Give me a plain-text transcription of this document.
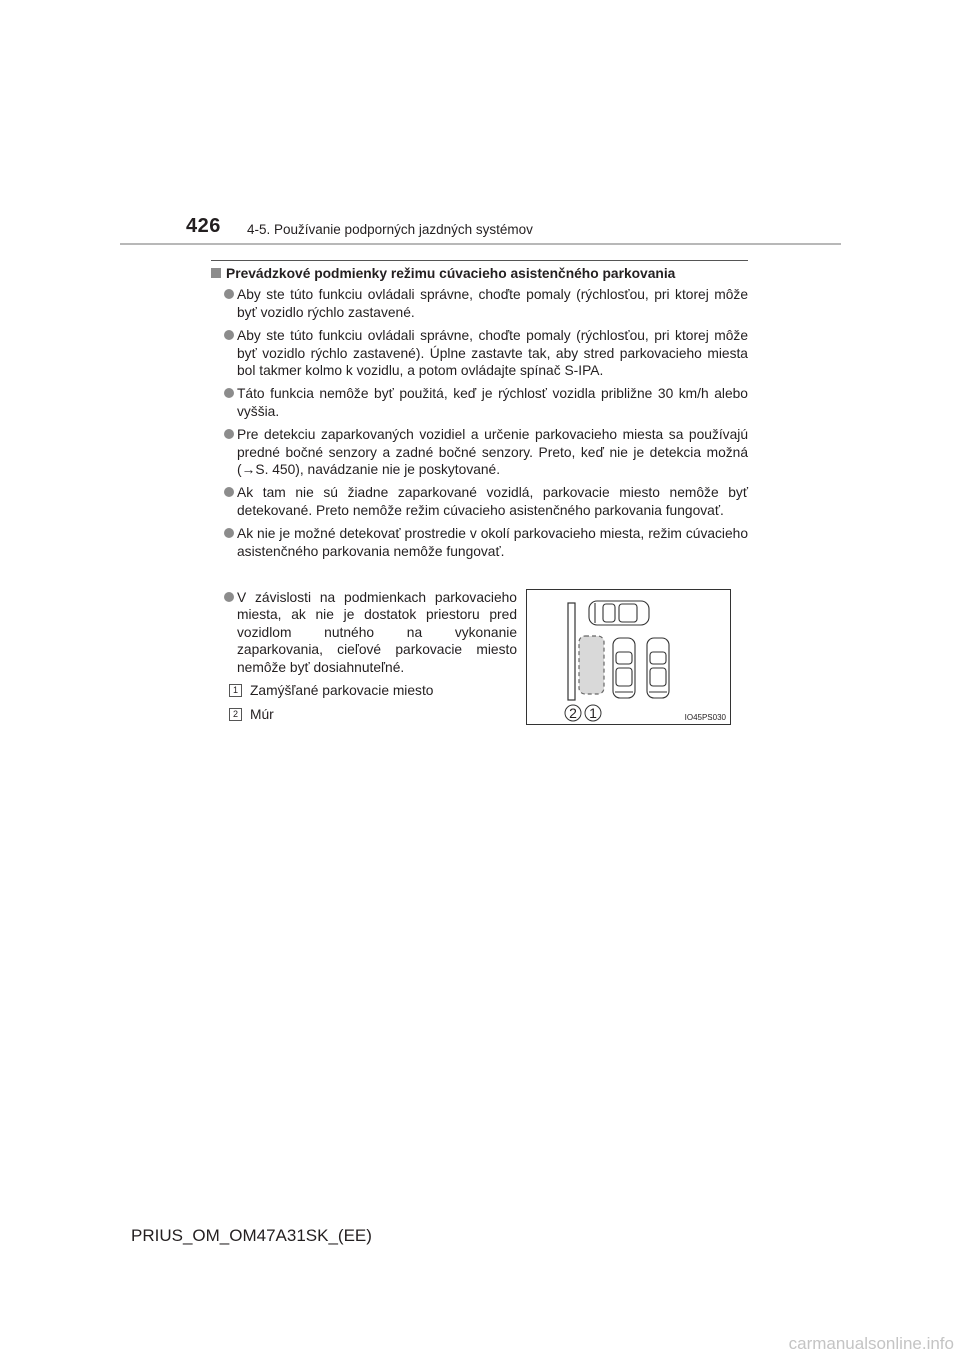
426 4-5. Používanie podporných jazdných systémov
Prevádzkové podmienky režimu cúvacieho asistenčného parkovania

Aby ste túto funkciu ovládali správne, choďte pomaly (rýchlosťou, pri ktorej môže byť vozidlo rýchlo zastavené.

Aby ste túto funkciu ovládali správne, choďte pomaly (rýchlosťou, pri ktorej môže byť vozidlo rýchlo zastavené). Úplne zastavte tak, aby stred parkovacieho miesta bol takmer kolmo k vozidlu, a potom ovládajte spínač S-IPA.

Táto funkcia nemôže byť použitá, keď je rýchlosť vozidla približne 30 km/h alebo vyššia.

Pre detekciu zaparkovaných vozidiel a určenie parkovacieho miesta sa používajú predné bočné senzory a zadné bočné senzory. Preto, keď nie je detekcia možná (→S. 450), navádzanie nie je poskytované.

Ak tam nie sú žiadne zaparkované vozidlá, parkovacie miesto nemôže byť detekované. Preto nemôže režim cúvacieho asistenčného parkovania fungovať.

Ak nie je možné detekovať prostredie v okolí parkovacieho miesta, režim cúvacieho asistenčného parkovania nemôže fungovať.

V závislosti na podmienkach parkovacieho miesta, ak nie je dostatok priestoru pred vozidlom nutného na vykonanie zaparkovania, cieľové parkovacie miesto nemôže byť dosiahnuteľné.

1 Zamýšľané parkovacie miesto
2 Múr	2 1	IO45PS030
PRIUS_OM_OM47A31SK_(EE)
carmanualsonline.info
